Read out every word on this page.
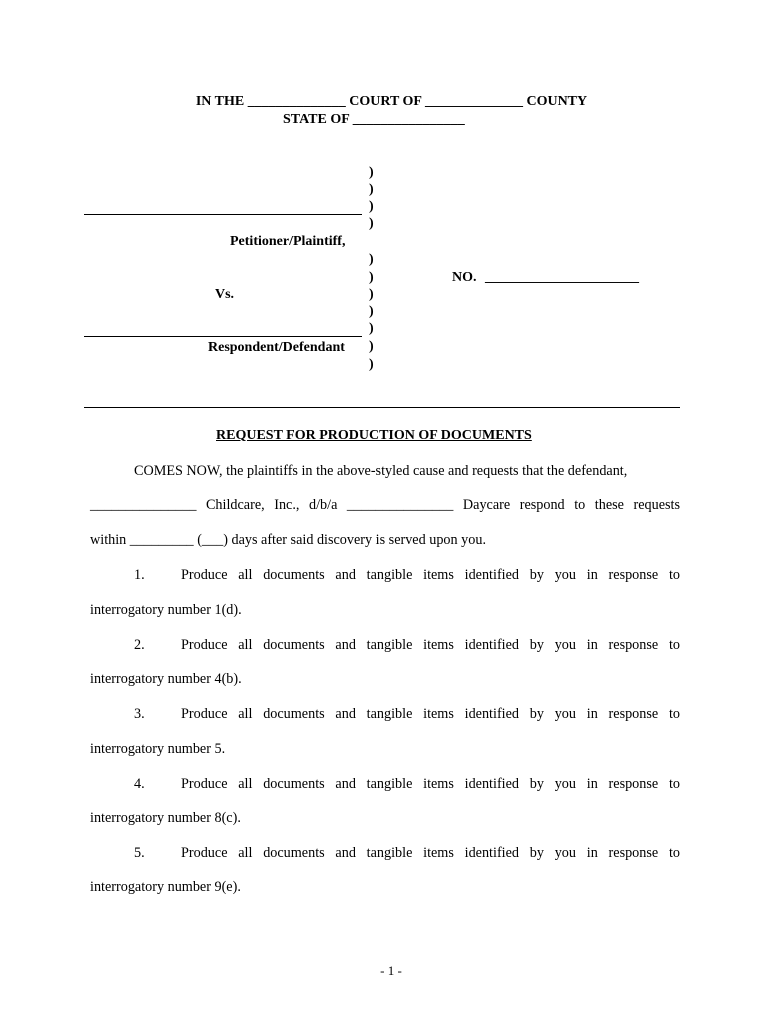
IN THE ______________ COURT OF ______________ COUNTY
STATE OF ________________
)
)
)
)
)
)
)
)
)
)
)
Petitioner/Plaintiff,
Vs.
Respondent/Defendant
NO. ______________________
REQUEST FOR PRODUCTION OF DOCUMENTS
COMES NOW, the plaintiffs in the above-styled cause and requests that the defendant,
_______________ Childcare, Inc., d/b/a _______________ Daycare respond to these requests
within _________ (___) days after said discovery is served upon you.
1.	Produce all documents and tangible items identified by you in response to
interrogatory number 1(d).
2.	Produce all documents and tangible items identified by you in response to
interrogatory number 4(b).
3.	Produce all documents and tangible items identified by you in response to
interrogatory number 5.
4.	Produce all documents and tangible items identified by you in response to
interrogatory number 8(c).
5.	Produce all documents and tangible items identified by you in response to
interrogatory number 9(e).
- 1 -
